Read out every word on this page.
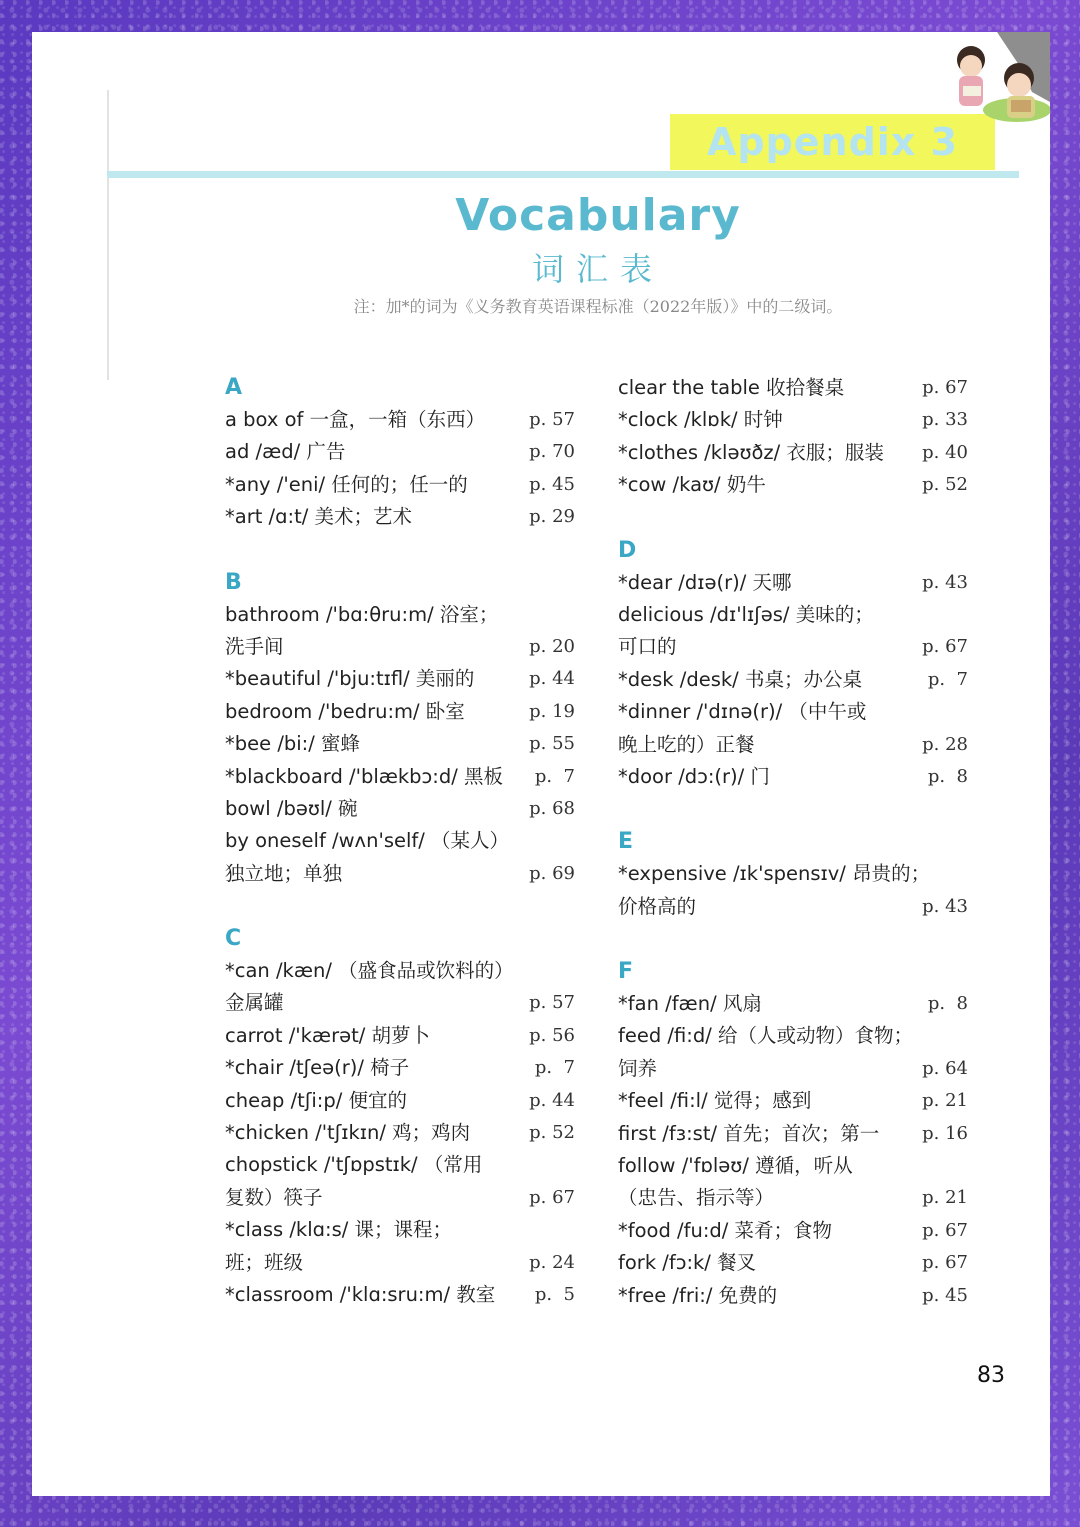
Appendix 3
Vocabulary
词汇表
注：加*的词为《义务教育英语课程标准（2022年版）》中的二级词。
A
a box of 一盒，一箱（东西）	p. 57
ad /æd/ 广告	p. 70
*any /'eni/ 任何的；任一的	p. 45
*art /ɑ:t/ 美术；艺术	p. 29
B
bathroom /'bɑ:θru:m/ 浴室；
洗手间	p. 20
*beautiful /'bju:tɪfl/ 美丽的	p. 44
bedroom /'bedru:m/ 卧室	p. 19
*bee /bi:/ 蜜蜂	p. 55
*blackboard /'blækbɔ:d/ 黑板	p.  7
bowl /bəʊl/ 碗	p. 68
by oneself /wʌn'self/ （某人）
独立地；单独	p. 69
C
*can /kæn/ （盛食品或饮料的）
金属罐	p. 57
carrot /'kærət/ 胡萝卜	p. 56
*chair /tʃeə(r)/ 椅子	p.  7
cheap /tʃi:p/ 便宜的	p. 44
*chicken /'tʃɪkɪn/ 鸡；鸡肉	p. 52
chopstick /'tʃɒpstɪk/ （常用
复数）筷子	p. 67
*class /klɑ:s/ 课；课程；
班；班级	p. 24
*classroom /'klɑ:sru:m/ 教室	p.  5
clear the table 收拾餐桌	p. 67
*clock /klɒk/ 时钟	p. 33
*clothes /kləʊðz/ 衣服；服装	p. 40
*cow /kaʊ/ 奶牛	p. 52
D
*dear /dɪə(r)/ 天哪	p. 43
delicious /dɪ'lɪʃəs/ 美味的；
可口的	p. 67
*desk /desk/ 书桌；办公桌	p.  7
*dinner /'dɪnə(r)/ （中午或
晚上吃的）正餐	p. 28
*door /dɔ:(r)/ 门	p.  8
E
*expensive /ɪk'spensɪv/ 昂贵的；
价格高的	p. 43
F
*fan /fæn/ 风扇	p.  8
feed /fi:d/ 给（人或动物）食物；
饲养	p. 64
*feel /fi:l/ 觉得；感到	p. 21
first /fɜ:st/ 首先；首次；第一	p. 16
follow /'fɒləʊ/ 遵循，听从
（忠告、指示等）	p. 21
*food /fu:d/ 菜肴；食物	p. 67
fork /fɔ:k/ 餐叉	p. 67
*free /fri:/ 免费的	p. 45
83
